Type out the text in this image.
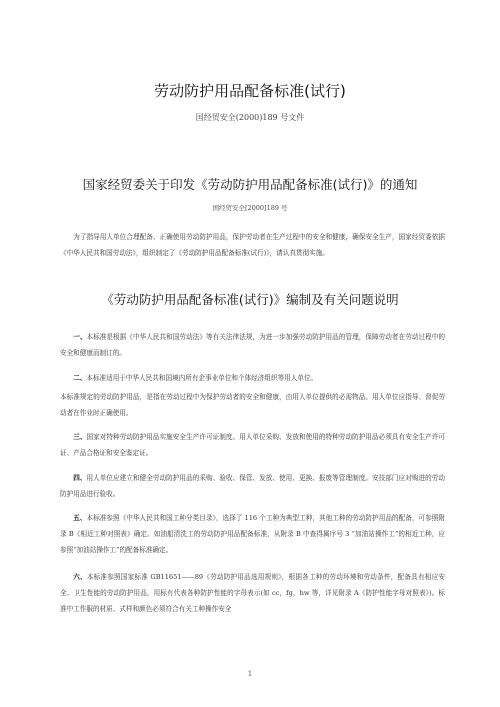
劳动防护用品配备标准(试行)
国经贸安全(2000)189 号文件
国家经贸委关于印发《劳动防护用品配备标准(试行)》的通知
国经贸安全[2000]189 号

为了指导用人单位合理配备、正确使用劳动防护用品，保护劳动者在生产过程中的安全和健康，确保安全生产，国家经贸委依据《中华人民共和国劳动法》，组织制定了《劳动防护用品配备标准(试行)》，请认真贯彻实施。

《劳动防护用品配备标准(试行)》编制及有关问题说明

一、本标准是根据《中华人民共和国劳动法》等有关法律法规，为进一步加强劳动防护用品的管理，保障劳动者在劳动过程中的安全和健康而制订的。

二、本标准适用于中华人民共和国境内所有企事业单位和个体经济组织等用人单位。

本标准规定的劳动防护用品，是指在劳动过程中为保护劳动者的安全和健康，由用人单位提供的必需物品。用人单位应指导、督促劳动者在作业时正确使用。

三、国家对特种劳动防护用品实施安全生产许可证制度。用人单位采购、发放和使用的特种劳动防护用品必须具有安全生产许可证、产品合格证和安全鉴定证。

四、用人单位应建立和健全劳动防护用品的采购、验收、保管、发放、使用、更换、报废等管理制度。安技部门应对购进的劳动防护用品进行验收。

五、本标准参照《中华人民共和国工种分类目录》，选择了 116 个工种为典型工种，其他工种的劳动防护用品的配备，可参照附录 B《相近工种对照表》确定。如油船清洗工的劳动防护用品配备标准，从附录 B 中查得属序号 3 “加油站操作工”的相近工种，应参照“加油站操作工”的配备标准确定。

六、本标准参照国家标准 GB11651——89《劳动防护用品选用规则》，根据各工种的劳动环境和劳动条件，配备具有相应安全、卫生性能的劳动防护用品，用标有代表各种防护性能的字母表示(如 cc，fg，hw 等，详见附录 A《防护性能字母对照表》)。标准中工作服的材质、式样和颜色必须符合有关工种操作安全

1
